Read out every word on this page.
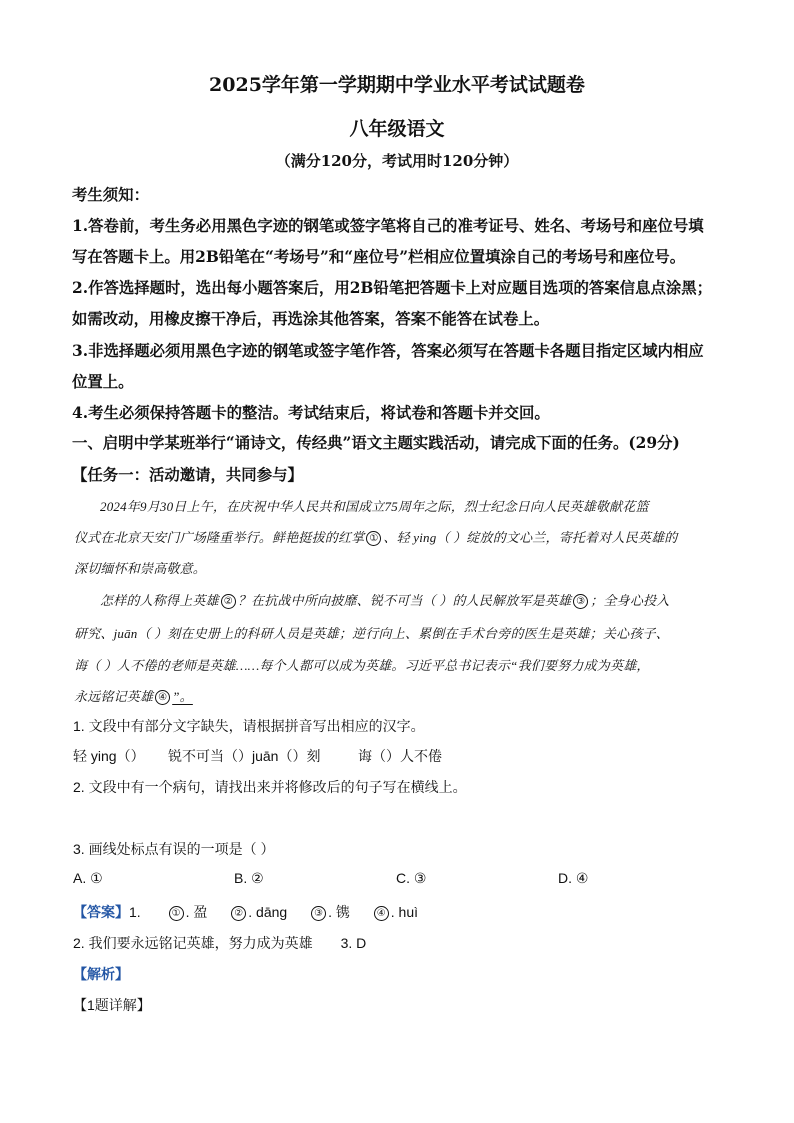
2025学年第一学期期中学业水平考试试题卷
八年级语文
（满分120分，考试用时120分钟）
考生须知：
1.答卷前，考生务必用黑色字迹的钢笔或签字笔将自己的准考证号、姓名、考场号和座位号填
写在答题卡上。用2B铅笔在“考场号”和“座位号”栏相应位置填涂自己的考场号和座位号。
2.作答选择题时，选出每小题答案后，用2B铅笔把答题卡上对应题目选项的答案信息点涂黑；
如需改动，用橡皮擦干净后，再选涂其他答案，答案不能答在试卷上。
3.非选择题必须用黑色字迹的钢笔或签字笔作答，答案必须写在答题卡各题目指定区域内相应
位置上。
4.考生必须保持答题卡的整洁。考试结束后，将试卷和答题卡并交回。
一、启明中学某班举行“诵诗文，传经典”语文主题实践活动，请完成下面的任务。(29分)
【任务一：活动邀请，共同参与】
2024年9月30日上午，在庆祝中华人民共和国成立75周年之际，烈士纪念日向人民英雄敬献花篮
仪式在北京天安门广场隆重举行。鲜艳挺拔的红掌 ① 、轻 ying（ ）绽放的文心兰，寄托着对人民英雄的
深切缅怀和崇高敬意。
怎样的人称得上英雄 ② ？在抗战中所向披靡、锐不可当（ ）的人民解放军是英雄 ③ ；全身心投入
研究、juān（ ）刻在史册上的科研人员是英雄；逆行向上、累倒在手术台旁的医生是英雄；关心孩子、
诲（ ）人不倦的老师是英雄……每个人都可以成为英雄。习近平总书记表示“我们要努力成为英雄，
永远铭记英雄 ④ ”。
1. 文段中有部分文字缺失，请根据拼音写出相应的汉字。
轻 ying（） 锐不可当（）juān（）刻	诲（）人不倦
2. 文段中有一个病句，请找出来并将修改后的句子写在横线上。
3. 画线处标点有误的一项是（ ）
A. ①	B. ②	C. ③	D. ④
【答案】1.	① . 盈	② . dāng	③ . 镌	④ . huì
2. 我们要永远铭记英雄，努力成为英雄 3. D
【解析】
【1题详解】
